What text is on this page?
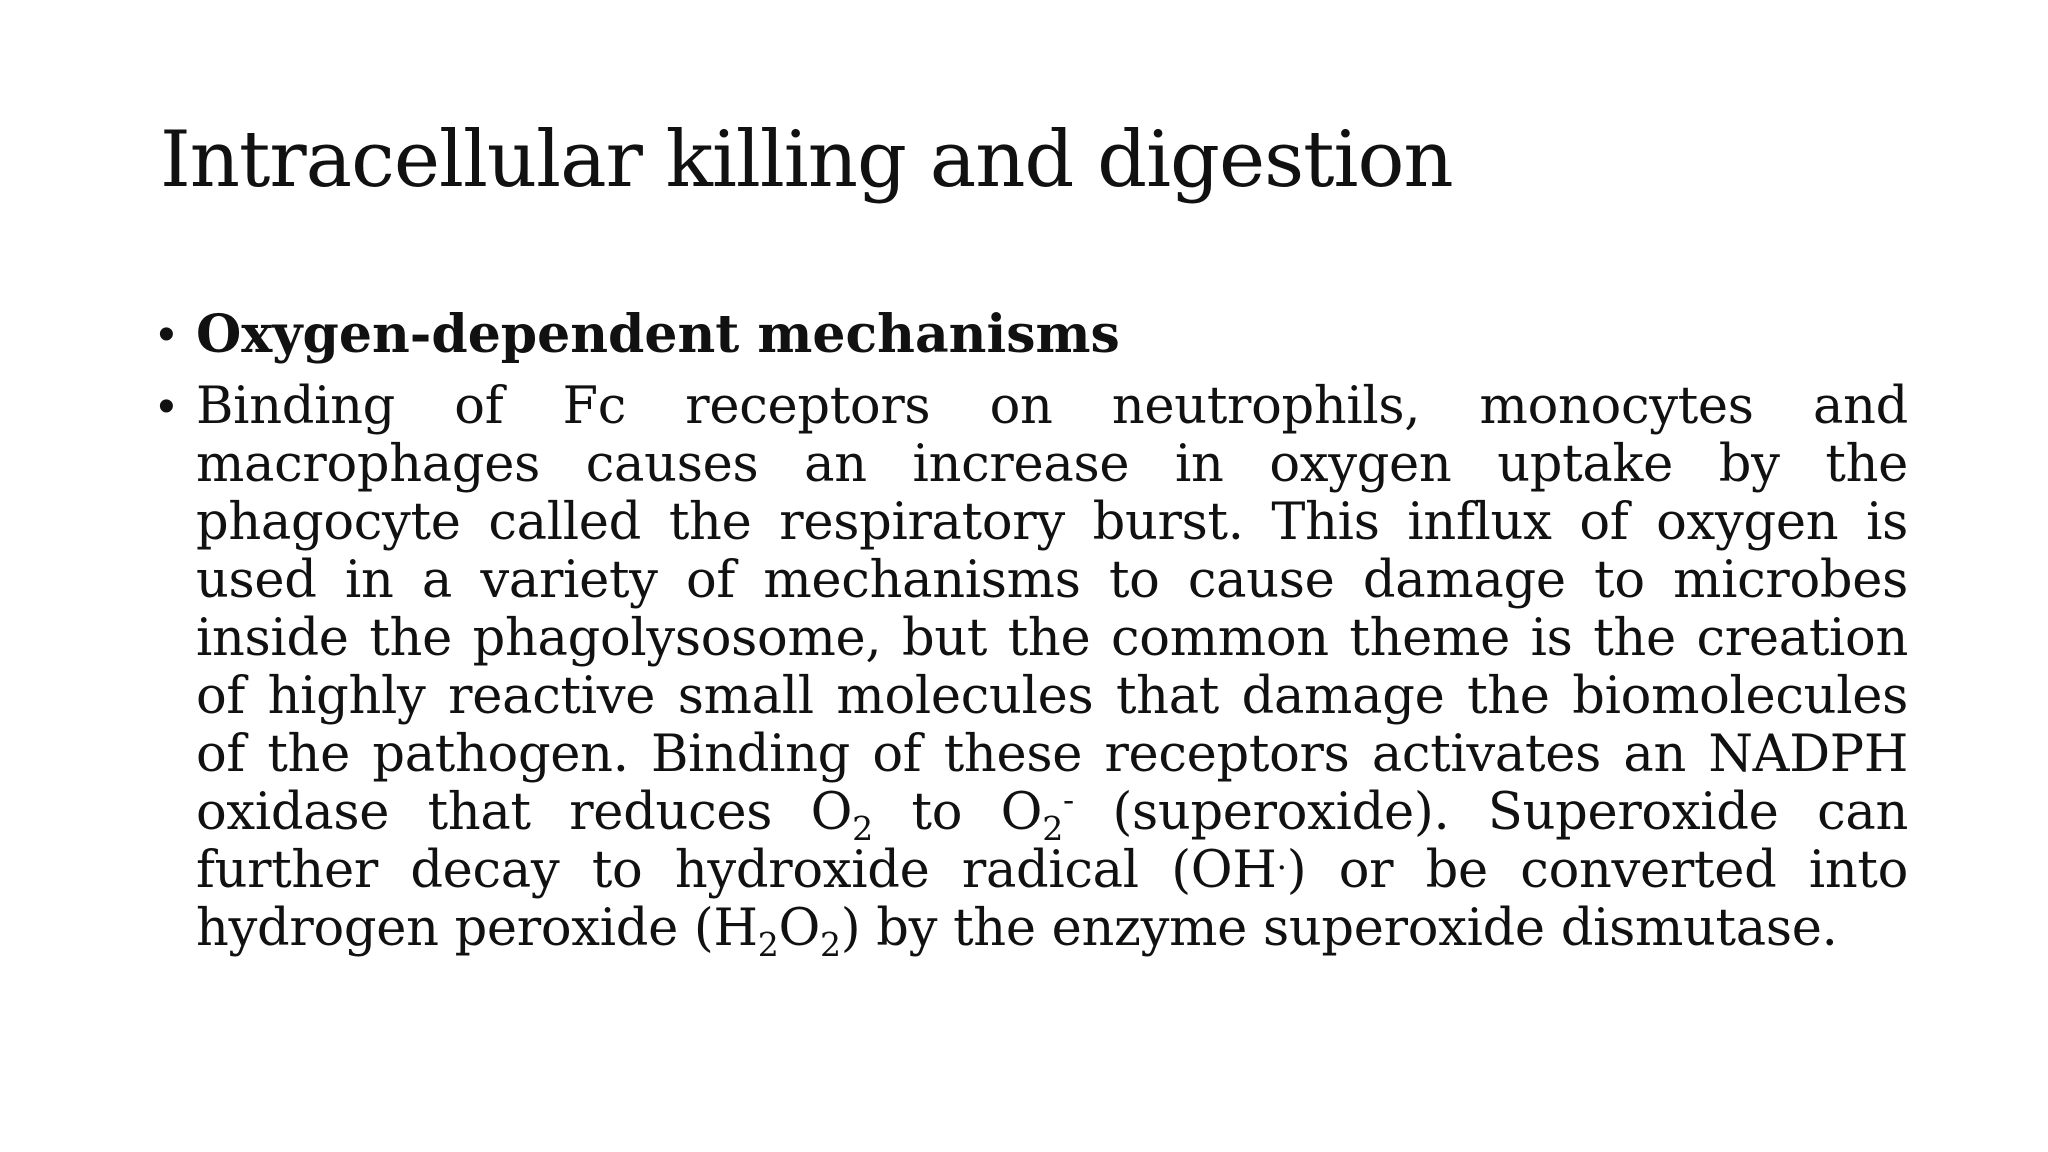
Intracellular killing and digestion
• Oxygen-dependent mechanisms
• Binding of Fc receptors on neutrophils, monocytes and macrophages causes an increase in oxygen uptake by the phagocyte called the respiratory burst. This influx of oxygen is used in a variety of mechanisms to cause damage to microbes inside the phagolysosome, but the common theme is the creation of highly reactive small molecules that damage the biomolecules of the pathogen. Binding of these receptors activates an NADPH oxidase that reduces $O_2$ to $O_2^-$ (superoxide). Superoxide can further decay to hydroxide radical (OH.) or be converted into hydrogen peroxide $(H_2O_2)$ by the enzyme superoxide dismutase.
